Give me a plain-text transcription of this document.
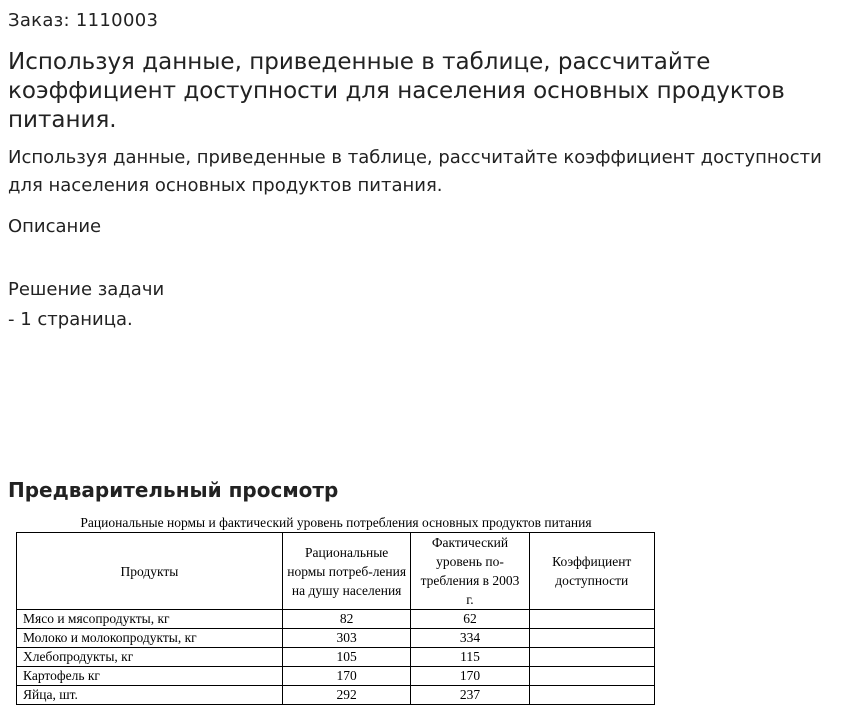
Заказ: 1110003

Используя данные, приведенные в таблице, рассчитайте коэффициент доступности для населения основных продуктов питания.

Используя данные, приведенные в таблице, рассчитайте коэффициент доступности для населения основных продуктов питания.

Описание

Решение задачи

- 1 страница.

Предварительный просмотр
Рациональные нормы и фактический уровень потребления основных продуктов питания
Продукты	Рациональные нормы потреб-ления на душу населения	Фактический уровень по-требления в 2003 г.	Коэффициент доступности
Мясо и мясопродукты, кг	82	62	
Молоко и молокопродукты, кг	303	334	
Хлебопродукты, кг	105	115	
Картофель кг	170	170	
Яйца, шт.	292	237	
